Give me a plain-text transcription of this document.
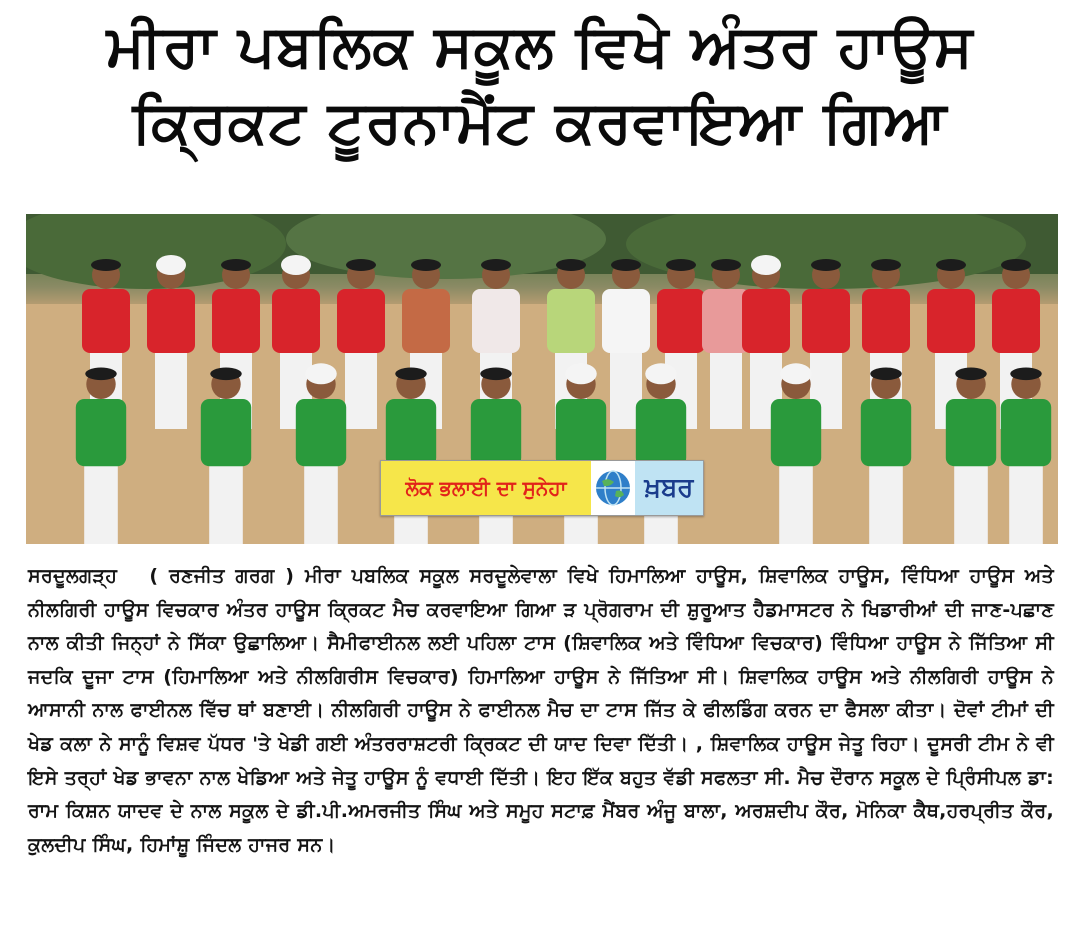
ਮੀਰਾ ਪਬਲਿਕ ਸਕੂਲ ਵਿਖੇ ਅੰਤਰ ਹਾਊਸ
ਕ੍ਰਿਕਟ ਟੂਰਨਾਮੈਂਟ ਕਰਵਾਇਆ ਗਿਆ
ਲੋਕ ਭਲਾਈ ਦਾ ਸੁਨੇਹਾ	ਖ਼ਬਰ
ਸਰਦੂਲਗੜ੍ਹ ( ਰਣਜੀਤ ਗਰਗ ) ਮੀਰਾ ਪਬਲਿਕ ਸਕੂਲ ਸਰਦੂਲੇਵਾਲਾ ਵਿਖੇ ਹਿਮਾਲਿਆ ਹਾਊਸ, ਸ਼ਿਵਾਲਿਕ ਹਾਊਸ, ਵਿੰਧਿਆ ਹਾਊਸ ਅਤੇ ਨੀਲਗਿਰੀ ਹਾਊਸ ਵਿਚਕਾਰ ਅੰਤਰ ਹਾਊਸ ਕ੍ਰਿਕਟ ਮੈਚ ਕਰਵਾਇਆ ਗਿਆ ੜ ਪ੍ਰੋਗਰਾਮ ਦੀ ਸ਼ੁਰੂਆਤ ਹੈਡਮਾਸਟਰ ਨੇ ਖਿਡਾਰੀਆਂ ਦੀ ਜਾਣ-ਪਛਾਣ ਨਾਲ ਕੀਤੀ ਜਿਨ੍ਹਾਂ ਨੇ ਸਿੱਕਾ ਉਛਾਲਿਆ। ਸੈਮੀਫਾਈਨਲ ਲਈ ਪਹਿਲਾ ਟਾਸ (ਸ਼ਿਵਾਲਿਕ ਅਤੇ ਵਿੰਧਿਆ ਵਿਚਕਾਰ) ਵਿੰਧਿਆ ਹਾਊਸ ਨੇ ਜਿੱਤਿਆ ਸੀ ਜਦਕਿ ਦੂਜਾ ਟਾਸ (ਹਿਮਾਲਿਆ ਅਤੇ ਨੀਲਗਿਰੀਸ ਵਿਚਕਾਰ) ਹਿਮਾਲਿਆ ਹਾਊਸ ਨੇ ਜਿੱਤਿਆ ਸੀ। ਸ਼ਿਵਾਲਿਕ ਹਾਊਸ ਅਤੇ ਨੀਲਗਿਰੀ ਹਾਊਸ ਨੇ ਆਸਾਨੀ ਨਾਲ ਫਾਈਨਲ ਵਿੱਚ ਥਾਂ ਬਣਾਈ। ਨੀਲਗਿਰੀ ਹਾਊਸ ਨੇ ਫਾਈਨਲ ਮੈਚ ਦਾ ਟਾਸ ਜਿੱਤ ਕੇ ਫੀਲਡਿੰਗ ਕਰਨ ਦਾ ਫੈਸਲਾ ਕੀਤਾ। ਦੋਵਾਂ ਟੀਮਾਂ ਦੀ ਖੇਡ ਕਲਾ ਨੇ ਸਾਨੂੰ ਵਿਸ਼ਵ ਪੱਧਰ 'ਤੇ ਖੇਡੀ ਗਈ ਅੰਤਰਰਾਸ਼ਟਰੀ ਕ੍ਰਿਕਟ ਦੀ ਯਾਦ ਦਿਵਾ ਦਿੱਤੀ। , ਸ਼ਿਵਾਲਿਕ ਹਾਊਸ ਜੇਤੂ ਰਿਹਾ। ਦੂਸਰੀ ਟੀਮ ਨੇ ਵੀ ਇਸੇ ਤਰ੍ਹਾਂ ਖੇਡ ਭਾਵਨਾ ਨਾਲ ਖੇਡਿਆ ਅਤੇ ਜੇਤੂ ਹਾਊਸ ਨੂੰ ਵਧਾਈ ਦਿੱਤੀ। ਇਹ ਇੱਕ ਬਹੁਤ ਵੱਡੀ ਸਫਲਤਾ ਸੀ. ਮੈਚ ਦੌਰਾਨ ਸਕੂਲ ਦੇ ਪ੍ਰਿੰਸੀਪਲ ਡਾ: ਰਾਮ ਕਿਸ਼ਨ ਯਾਦਵ ਦੇ ਨਾਲ ਸਕੂਲ ਦੇ ਡੀ.ਪੀ.ਅਮਰਜੀਤ ਸਿੰਘ ਅਤੇ ਸਮੂਹ ਸਟਾਫ਼ ਮੈਂਬਰ ਅੰਜੂ ਬਾਲਾ, ਅਰਸ਼ਦੀਪ ਕੌਰ, ਮੋਨਿਕਾ ਕੈਥ,ਹਰਪ੍ਰੀਤ ਕੌਰ, ਕੁਲਦੀਪ ਸਿੰਘ, ਹਿਮਾਂਸ਼ੂ ਜਿੰਦਲ ਹਾਜਰ ਸਨ।
